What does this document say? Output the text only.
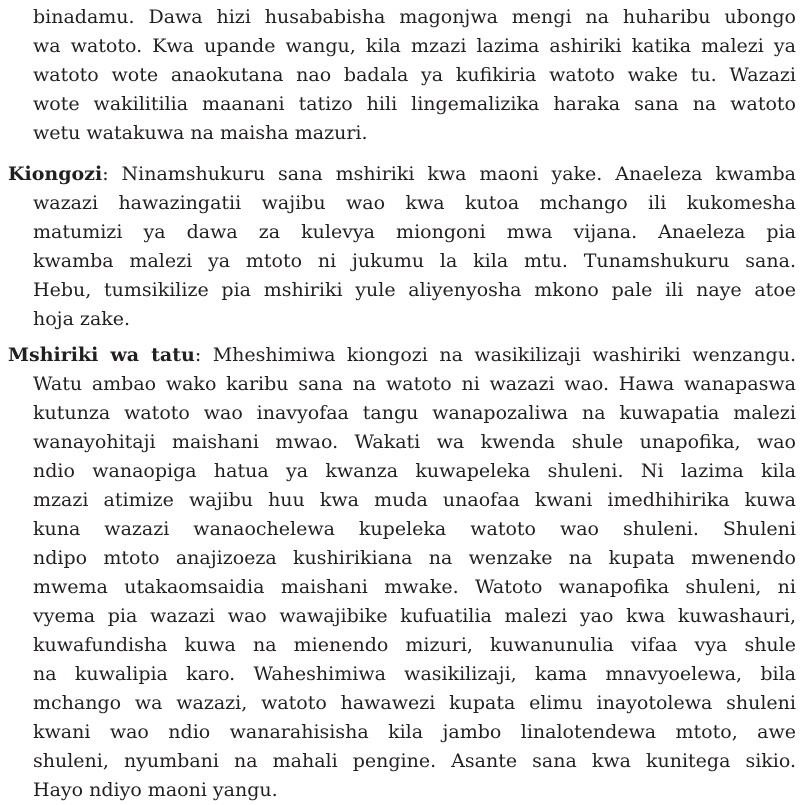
binadamu. Dawa hizi husababisha magonjwa mengi na huharibu ubongo
wa watoto. Kwa upande wangu, kila mzazi lazima ashiriki katika malezi ya
watoto wote anaokutana nao badala ya kufikiria watoto wake tu. Wazazi
wote wakilitilia maanani tatizo hili lingemalizika haraka sana na watoto
wetu watakuwa na maisha mazuri.
Kiongozi: Ninamshukuru sana mshiriki kwa maoni yake. Anaeleza kwamba
wazazi hawazingatii wajibu wao kwa kutoa mchango ili kukomesha
matumizi ya dawa za kulevya miongoni mwa vijana. Anaeleza pia
kwamba malezi ya mtoto ni jukumu la kila mtu. Tunamshukuru sana.
Hebu, tumsikilize pia mshiriki yule aliyenyosha mkono pale ili naye atoe
hoja zake.
Mshiriki wa tatu: Mheshimiwa kiongozi na wasikilizaji washiriki wenzangu.
Watu ambao wako karibu sana na watoto ni wazazi wao. Hawa wanapaswa
kutunza watoto wao inavyofaa tangu wanapozaliwa na kuwapatia malezi
wanayohitaji maishani mwao. Wakati wa kwenda shule unapofika, wao
ndio wanaopiga hatua ya kwanza kuwapeleka shuleni. Ni lazima kila
mzazi atimize wajibu huu kwa muda unaofaa kwani imedhihirika kuwa
kuna wazazi wanaochelewa kupeleka watoto wao shuleni. Shuleni
ndipo mtoto anajizoeza kushirikiana na wenzake na kupata mwenendo
mwema utakaomsaidia maishani mwake. Watoto wanapofika shuleni, ni
vyema pia wazazi wao wawajibike kufuatilia malezi yao kwa kuwashauri,
kuwafundisha kuwa na mienendo mizuri, kuwanunulia vifaa vya shule
na kuwalipia karo. Waheshimiwa wasikilizaji, kama mnavyoelewa, bila
mchango wa wazazi, watoto hawawezi kupata elimu inayotolewa shuleni
kwani wao ndio wanarahisisha kila jambo linalotendewa mtoto, awe
shuleni, nyumbani na mahali pengine. Asante sana kwa kunitega sikio.
Hayo ndiyo maoni yangu.
